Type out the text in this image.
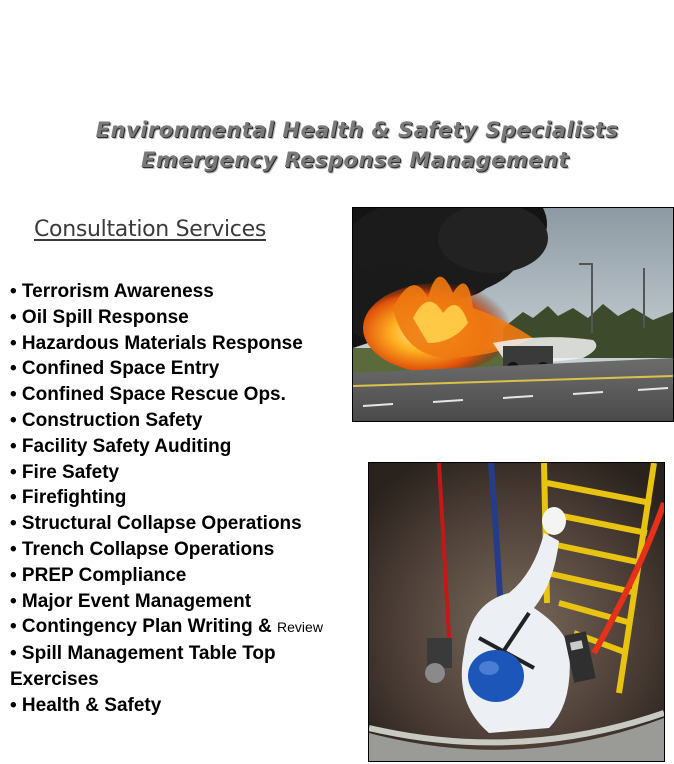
Environmental Health & Safety Specialists
Emergency Response Management
Consultation Services
• Terrorism Awareness
• Oil Spill Response
• Hazardous Materials Response
• Confined Space Entry
• Confined Space Rescue Ops.
• Construction Safety
• Facility Safety Auditing
• Fire Safety
• Firefighting
• Structural Collapse Operations
• Trench Collapse Operations
• PREP Compliance
• Major Event Management
• Contingency Plan Writing & Review
• Spill Management Table Top Exercises
• Health & Safety
